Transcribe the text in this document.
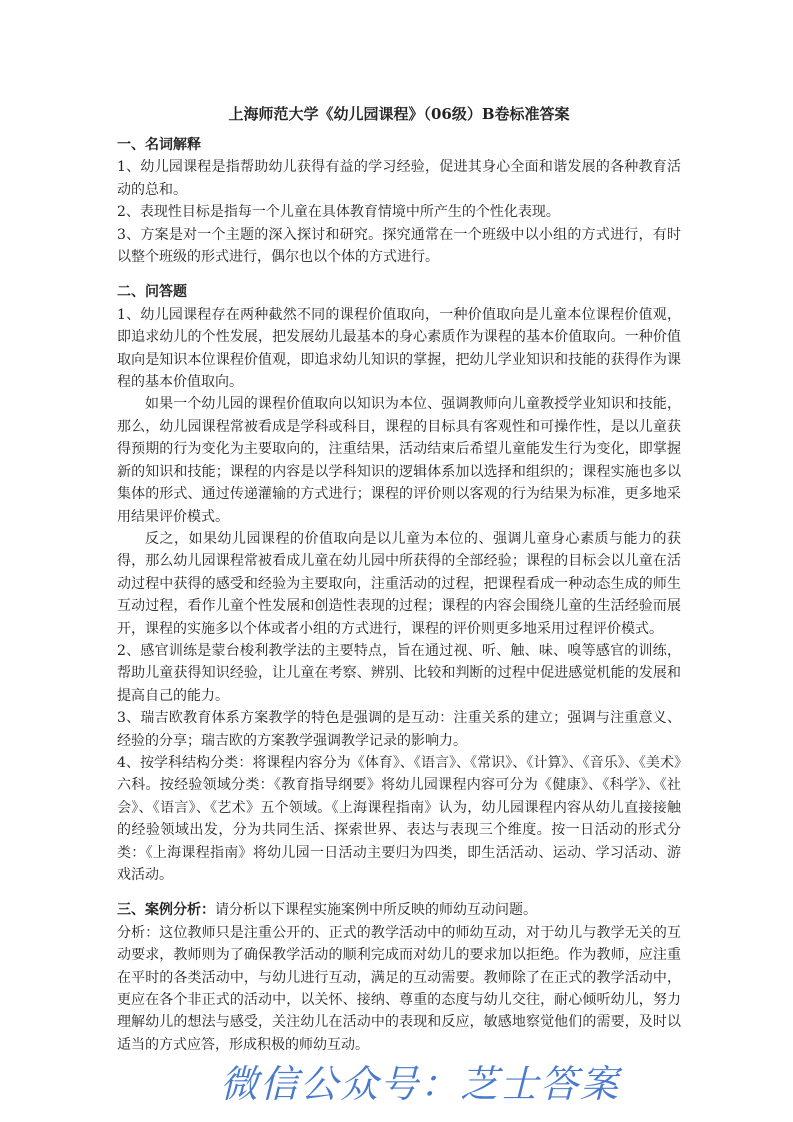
上海师范大学《幼儿园课程》（06级）B卷标准答案
一、名词解释

1、幼儿园课程是指帮助幼儿获得有益的学习经验，促进其身心全面和谐发展的各种教育活动的总和。

2、表现性目标是指每一个儿童在具体教育情境中所产生的个性化表现。

3、方案是对一个主题的深入探讨和研究。探究通常在一个班级中以小组的方式进行，有时以整个班级的形式进行，偶尔也以个体的方式进行。

二、问答题

1、幼儿园课程存在两种截然不同的课程价值取向，一种价值取向是儿童本位课程价值观，即追求幼儿的个性发展，把发展幼儿最基本的身心素质作为课程的基本价值取向。一种价值取向是知识本位课程价值观，即追求幼儿知识的掌握，把幼儿学业知识和技能的获得作为课程的基本价值取向。

如果一个幼儿园的课程价值取向以知识为本位、强调教师向儿童教授学业知识和技能，那么，幼儿园课程常被看成是学科或科目，课程的目标具有客观性和可操作性，是以儿童获得预期的行为变化为主要取向的，注重结果，活动结束后希望儿童能发生行为变化，即掌握新的知识和技能；课程的内容是以学科知识的逻辑体系加以选择和组织的；课程实施也多以集体的形式、通过传递灌输的方式进行；课程的评价则以客观的行为结果为标准，更多地采用结果评价模式。

反之，如果幼儿园课程的价值取向是以儿童为本位的、强调儿童身心素质与能力的获得，那么幼儿园课程常被看成儿童在幼儿园中所获得的全部经验；课程的目标会以儿童在活动过程中获得的感受和经验为主要取向，注重活动的过程，把课程看成一种动态生成的师生互动过程，看作儿童个性发展和创造性表现的过程；课程的内容会围绕儿童的生活经验而展开，课程的实施多以个体或者小组的方式进行，课程的评价则更多地采用过程评价模式。

2、感官训练是蒙台梭利教学法的主要特点，旨在通过视、听、触、味、嗅等感官的训练，帮助儿童获得知识经验，让儿童在考察、辨别、比较和判断的过程中促进感觉机能的发展和提高自己的能力。

3、瑞吉欧教育体系方案教学的特色是强调的是互动：注重关系的建立；强调与注重意义、经验的分享；瑞吉欧的方案教学强调教学记录的影响力。

4、按学科结构分类：将课程内容分为《体育》、《语言》、《常识》、《计算》、《音乐》、《美术》六科。按经验领域分类：《教育指导纲要》将幼儿园课程内容可分为《健康》、《科学》、《社会》、《语言》、《艺术》五个领域。《上海课程指南》认为，幼儿园课程内容从幼儿直接接触的经验领域出发，分为共同生活、探索世界、表达与表现三个维度。按一日活动的形式分类：《上海课程指南》将幼儿园一日活动主要归为四类，即生活活动、运动、学习活动、游戏活动。

三、案例分析：请分析以下课程实施案例中所反映的师幼互动问题。

分析：这位教师只是注重公开的、正式的教学活动中的师幼互动，对于幼儿与教学无关的互动要求，教师则为了确保教学活动的顺利完成而对幼儿的要求加以拒绝。作为教师，应注重在平时的各类活动中，与幼儿进行互动，满足的互动需要。教师除了在正式的教学活动中，更应在各个非正式的活动中，以关怀、接纳、尊重的态度与幼儿交往，耐心倾听幼儿，努力理解幼儿的想法与感受，关注幼儿在活动中的表现和反应，敏感地察觉他们的需要，及时以适当的方式应答，形成积极的师幼互动。

微信公众号：芝士答案
